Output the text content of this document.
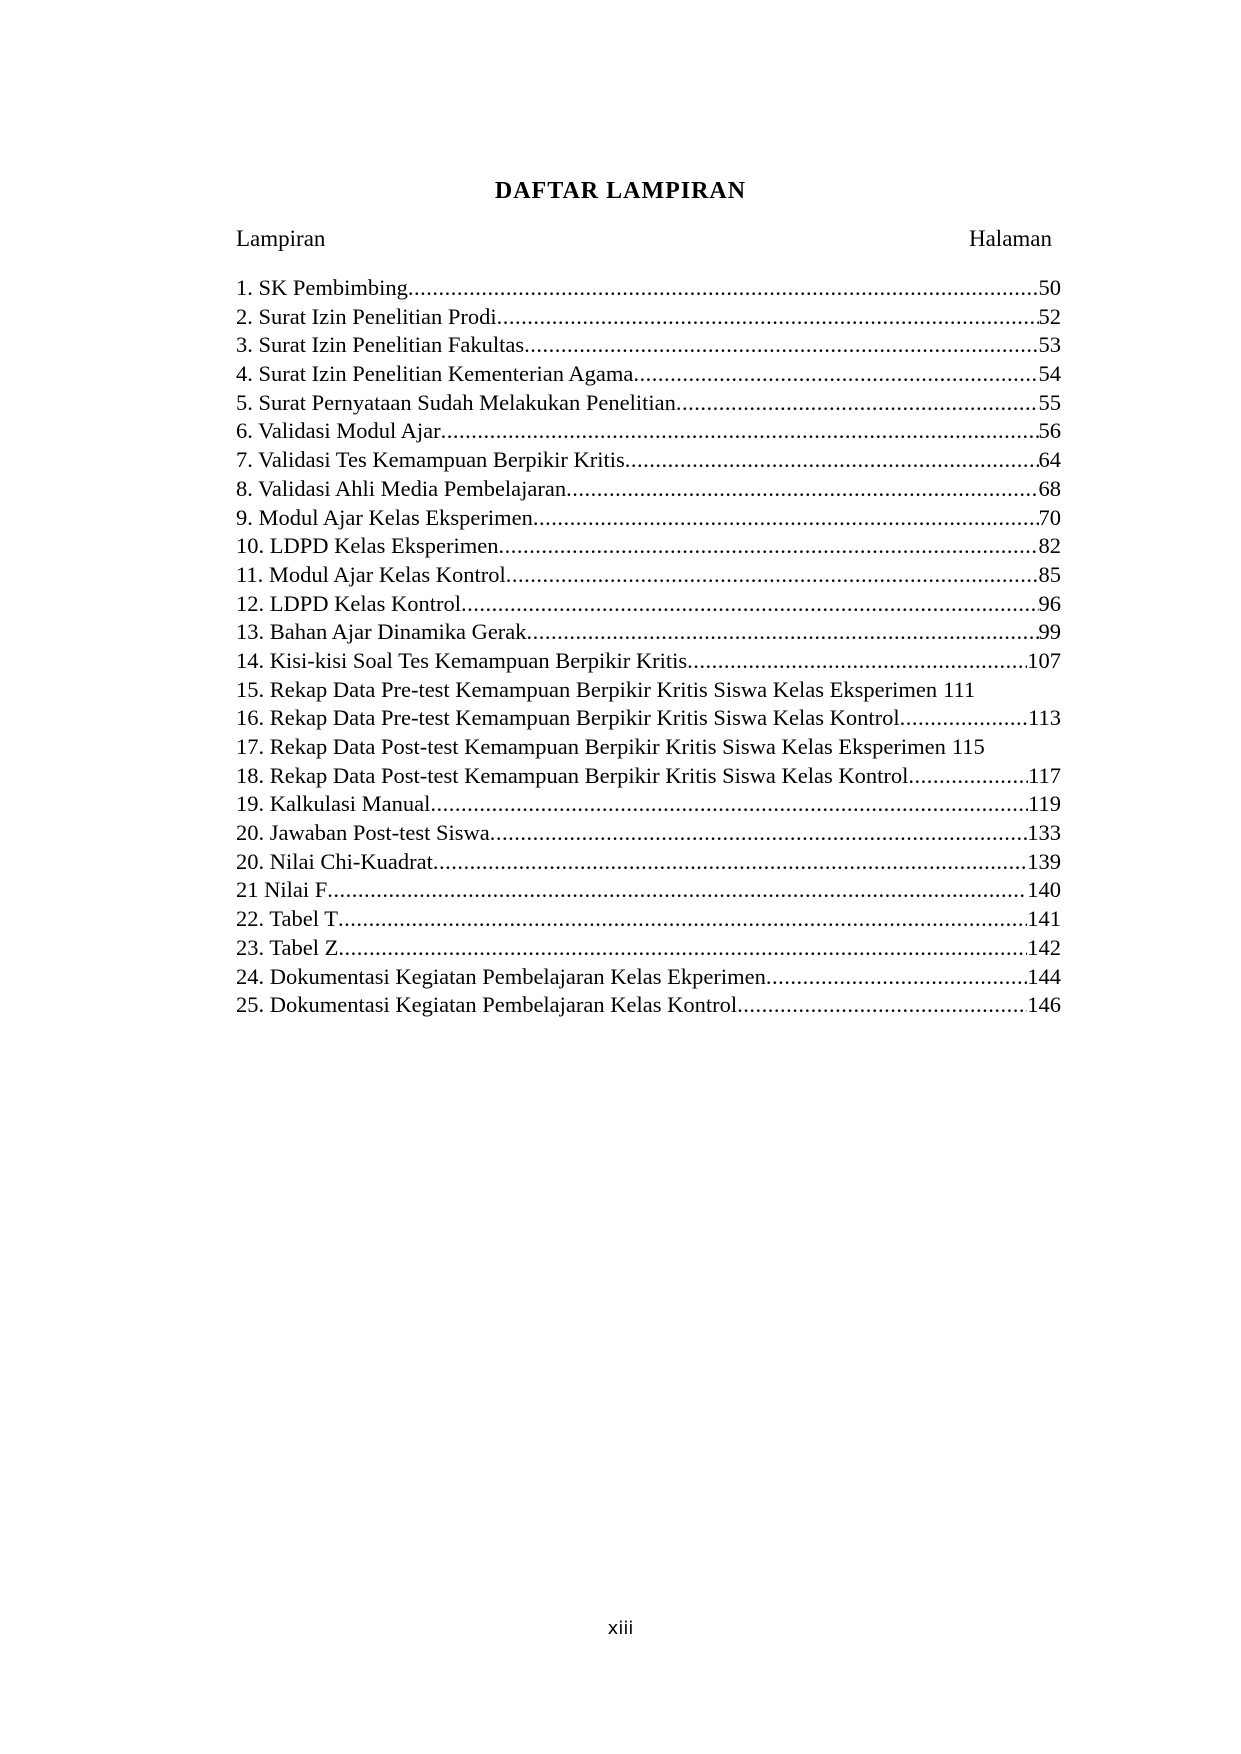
DAFTAR LAMPIRAN
Lampiran	Halaman
1. SK Pembimbing .....	50
2. Surat Izin Penelitian Prodi .....	52
3. Surat Izin Penelitian Fakultas .....	53
4. Surat Izin Penelitian Kementerian Agama .....	54
5. Surat Pernyataan Sudah Melakukan Penelitian .....	55
6. Validasi Modul Ajar .....	56
7. Validasi Tes Kemampuan Berpikir Kritis .....	64
8. Validasi Ahli Media Pembelajaran .....	68
9. Modul Ajar Kelas Eksperimen .....	70
10. LDPD Kelas Eksperimen .....	82
11. Modul Ajar Kelas Kontrol .....	85
12. LDPD Kelas Kontrol .....	96
13. Bahan Ajar Dinamika Gerak .....	99
14. Kisi-kisi Soal Tes Kemampuan Berpikir Kritis .....	107
15. Rekap Data Pre-test Kemampuan Berpikir Kritis Siswa Kelas Eksperimen 111
16. Rekap Data Pre-test Kemampuan Berpikir Kritis Siswa Kelas Kontrol .....	113
17. Rekap Data Post-test Kemampuan Berpikir Kritis Siswa Kelas Eksperimen 115
18. Rekap Data Post-test Kemampuan Berpikir Kritis Siswa Kelas Kontrol .....	117
19. Kalkulasi Manual .....	119
20. Jawaban Post-test Siswa .....	133
20. Nilai Chi-Kuadrat .....	139
21 Nilai F .....	140
22. Tabel T .....	141
23. Tabel Z .....	142
24. Dokumentasi Kegiatan Pembelajaran Kelas Ekperimen .....	144
25. Dokumentasi Kegiatan Pembelajaran Kelas Kontrol .....	146
xiii
